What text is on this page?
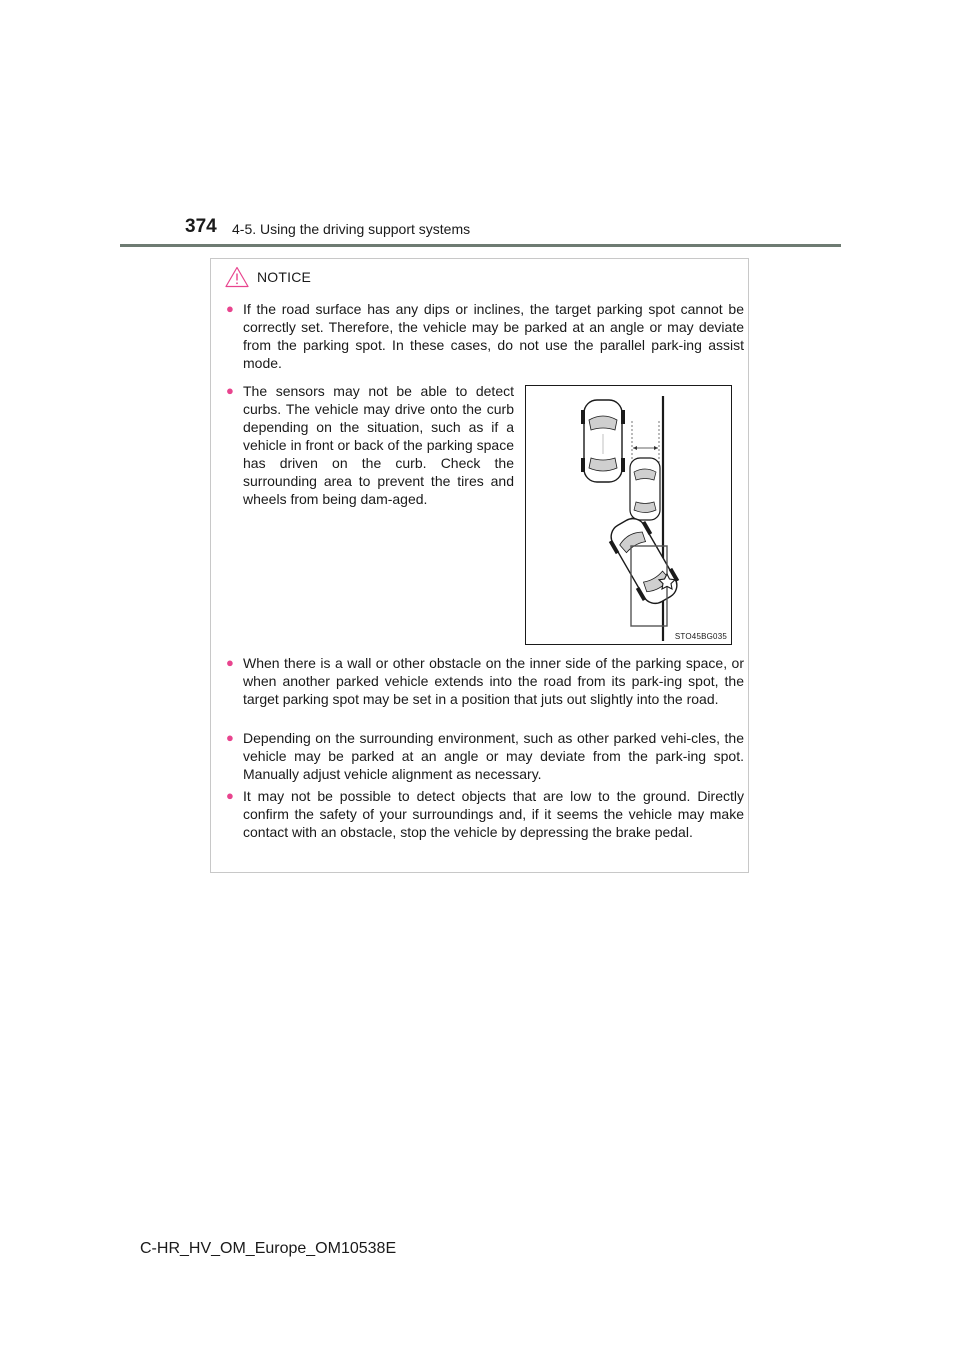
374 4-5. Using the driving support systems
NOTICE
● If the road surface has any dips or inclines, the target parking spot cannot be correctly set. Therefore, the vehicle may be parked at an angle or may deviate from the parking spot. In these cases, do not use the parallel park-ing assist mode.
● The sensors may not be able to detect curbs. The vehicle may drive onto the curb depending on the situation, such as if a vehicle in front or back of the parking space has driven on the curb. Check the surrounding area to prevent the tires and wheels from being dam-aged.
STO45BG035
● When there is a wall or other obstacle on the inner side of the parking space, or when another parked vehicle extends into the road from its park-ing spot, the target parking spot may be set in a position that juts out slightly into the road.
● Depending on the surrounding environment, such as other parked vehi-cles, the vehicle may be parked at an angle or may deviate from the park-ing spot. Manually adjust vehicle alignment as necessary.
● It may not be possible to detect objects that are low to the ground. Directly confirm the safety of your surroundings and, if it seems the vehicle may make contact with an obstacle, stop the vehicle by depressing the brake pedal.
C-HR_HV_OM_Europe_OM10538E
